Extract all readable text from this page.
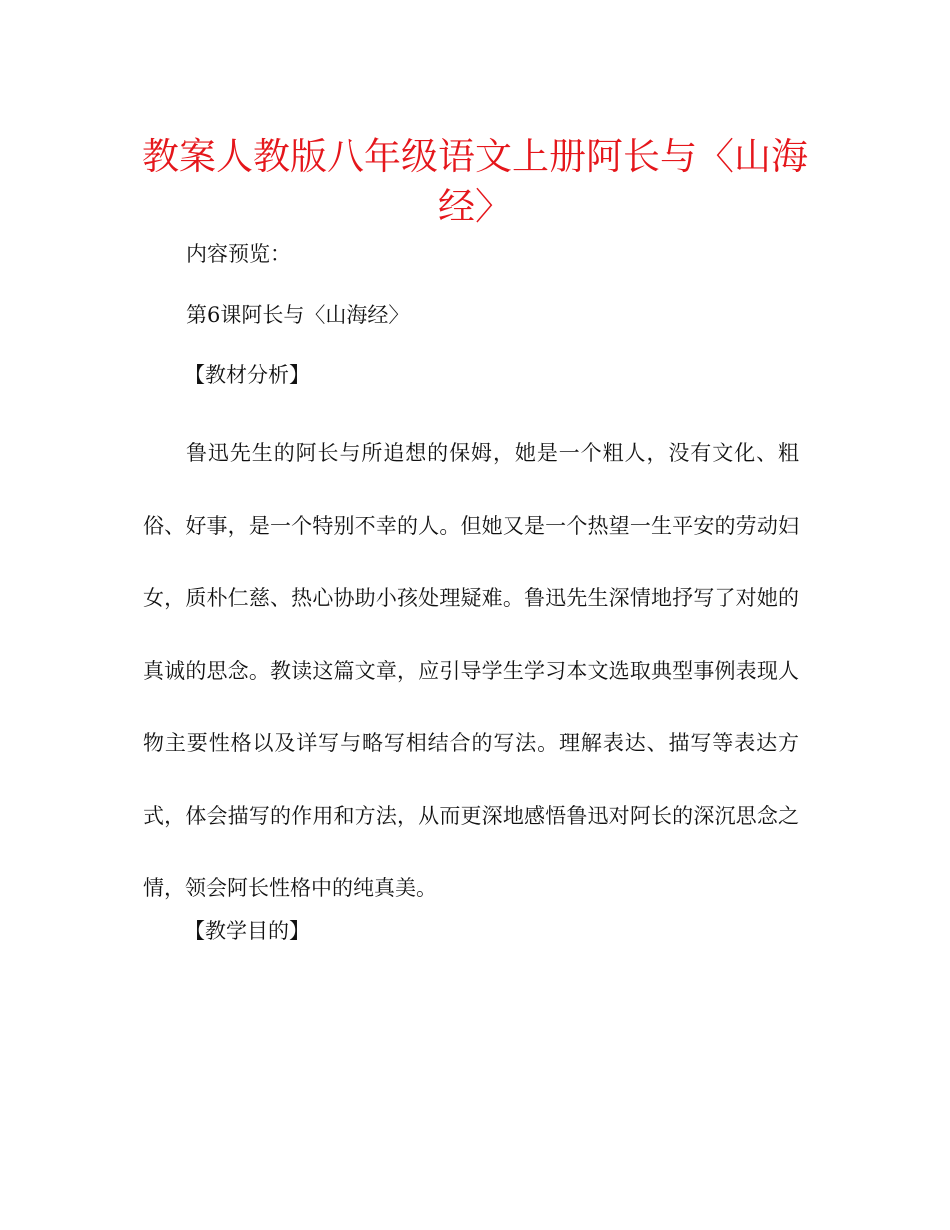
教案人教版八年级语文上册阿长与〈山海经〉

内容预览：

第6课阿长与〈山海经〉

【教材分析】

鲁迅先生的阿长与所追想的保姆，她是一个粗人，没有文化、粗俗、好事，是一个特别不幸的人。但她又是一个热望一生平安的劳动妇女，质朴仁慈、热心协助小孩处理疑难。鲁迅先生深情地抒写了对她的真诚的思念。教读这篇文章，应引导学生学习本文选取典型事例表现人物主要性格以及详写与略写相结合的写法。理解表达、描写等表达方式，体会描写的作用和方法，从而更深地感悟鲁迅对阿长的深沉思念之情，领会阿长性格中的纯真美。

【教学目的】
